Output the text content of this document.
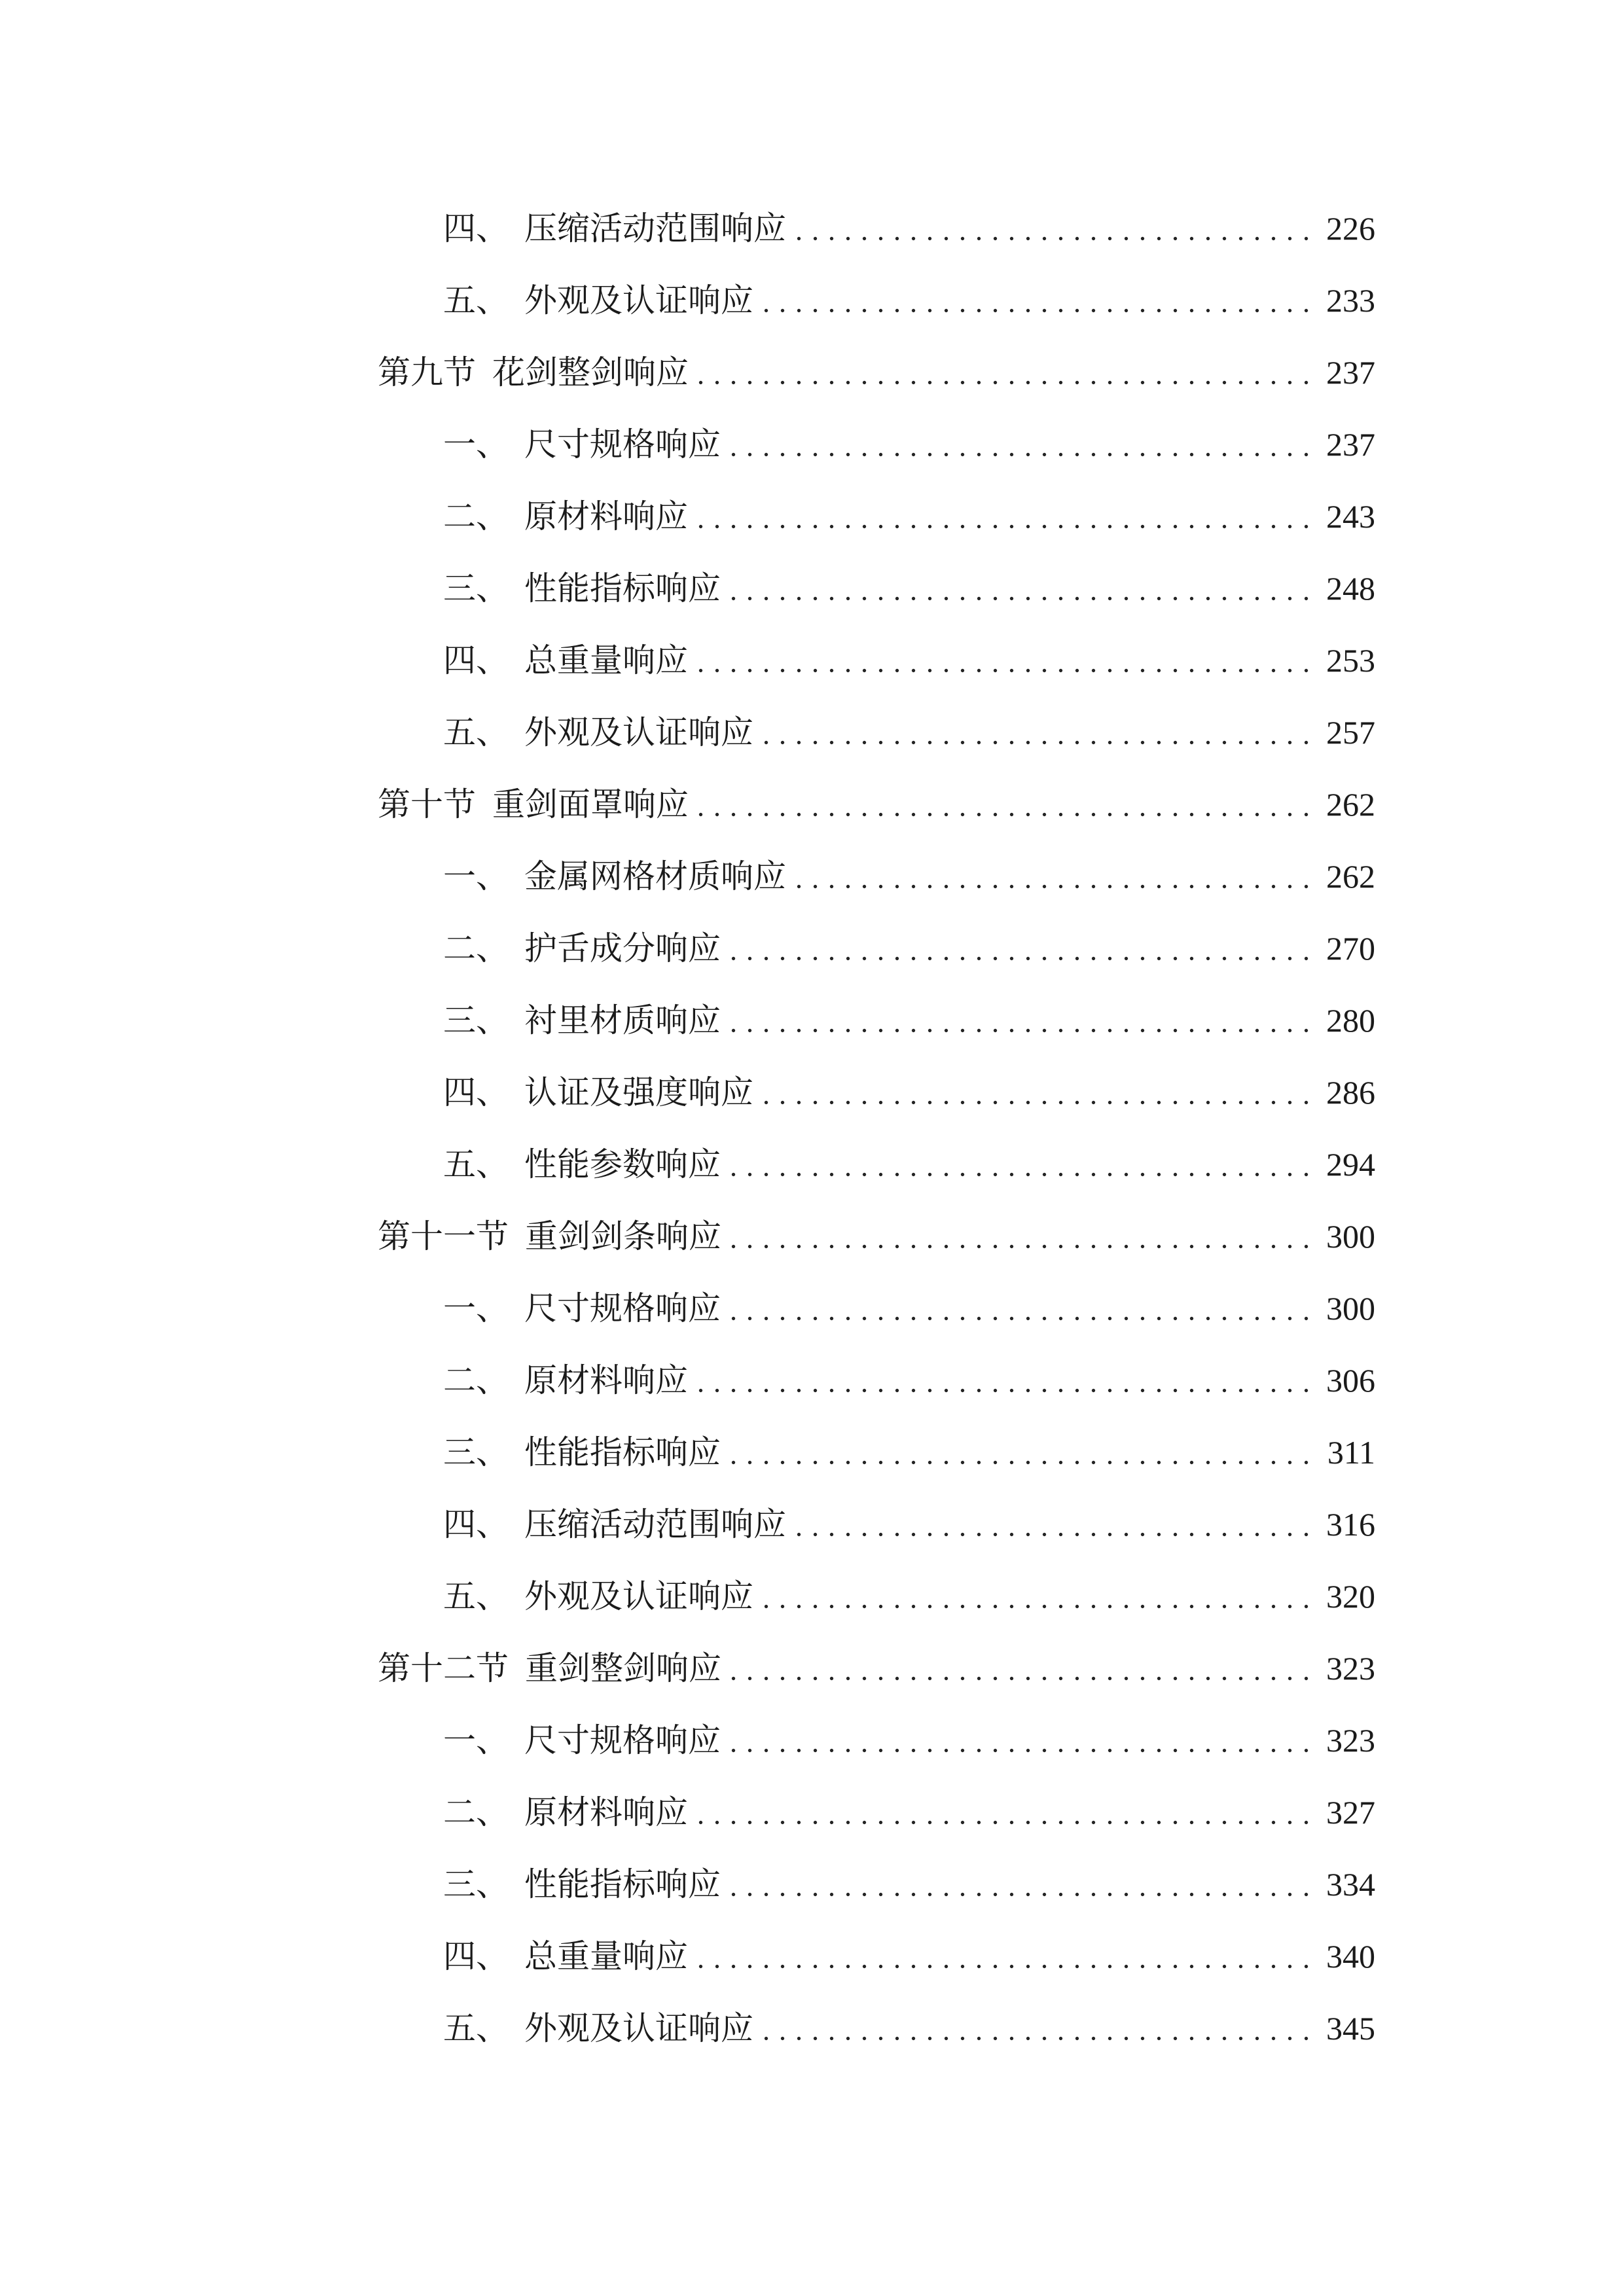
四、 压缩活动范围响应	226
五、 外观及认证响应	233
第九节 花剑整剑响应	237
一、 尺寸规格响应	237
二、 原材料响应	243
三、 性能指标响应	248
四、 总重量响应	253
五、 外观及认证响应	257
第十节 重剑面罩响应	262
一、 金属网格材质响应	262
二、 护舌成分响应	270
三、 衬里材质响应	280
四、 认证及强度响应	286
五、 性能参数响应	294
第十一节 重剑剑条响应	300
一、 尺寸规格响应	300
二、 原材料响应	306
三、 性能指标响应	311
四、 压缩活动范围响应	316
五、 外观及认证响应	320
第十二节 重剑整剑响应	323
一、 尺寸规格响应	323
二、 原材料响应	327
三、 性能指标响应	334
四、 总重量响应	340
五、 外观及认证响应	345
